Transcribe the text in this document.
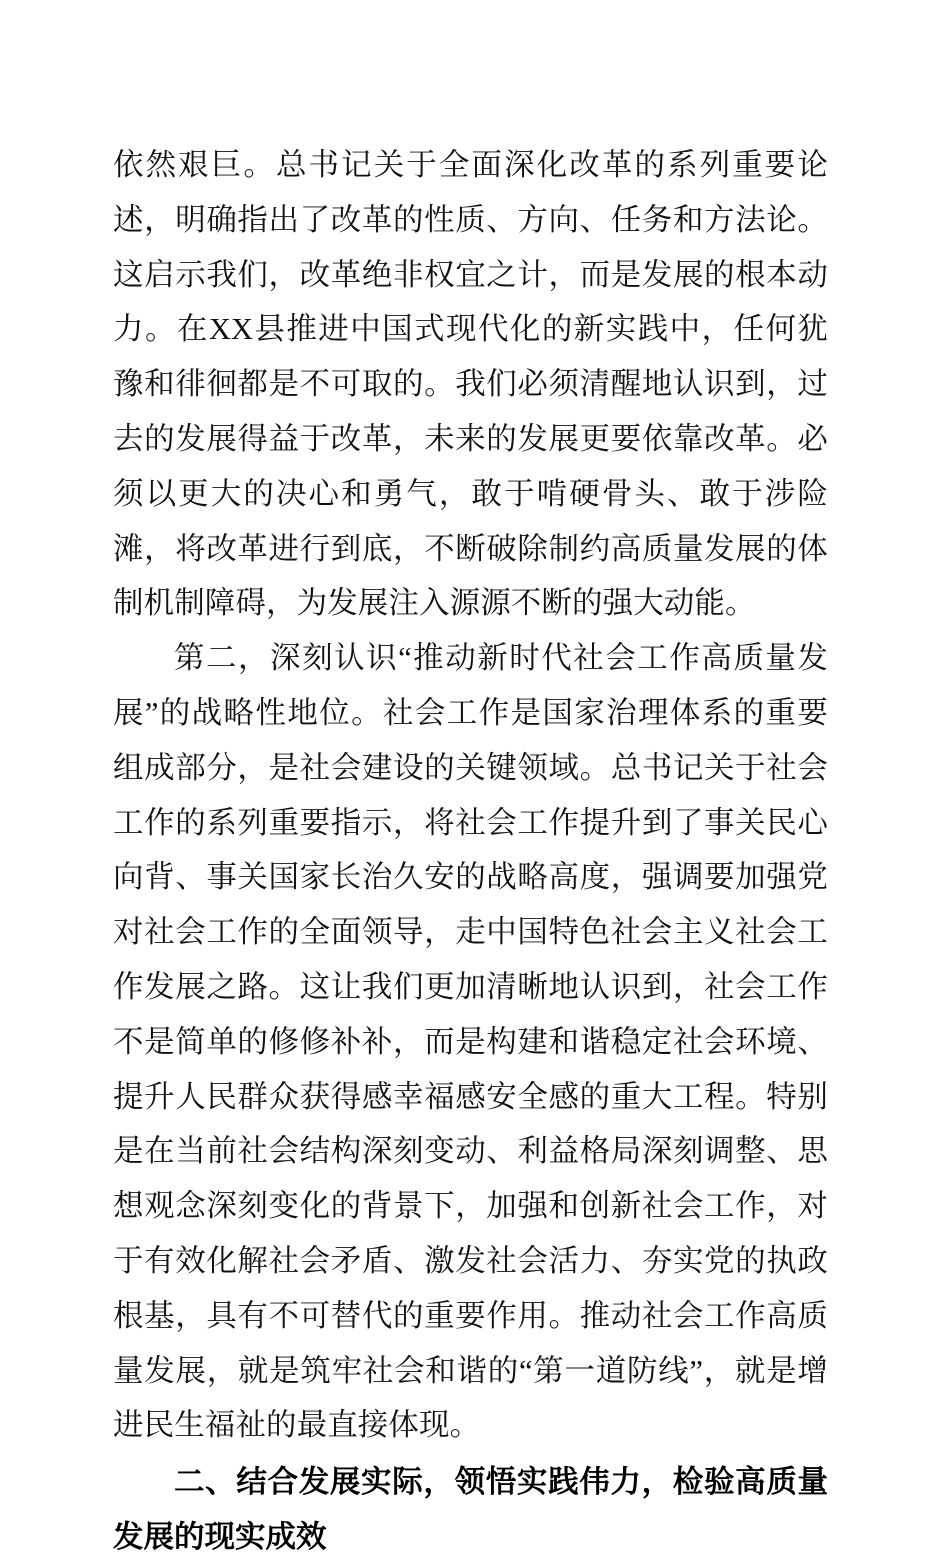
依然艰巨。总书记关于全面深化改革的系列重要论述，明确指出了改革的性质、方向、任务和方法论。这启示我们，改革绝非权宜之计，而是发展的根本动力。在XX县推进中国式现代化的新实践中，任何犹豫和徘徊都是不可取的。我们必须清醒地认识到，过去的发展得益于改革，未来的发展更要依靠改革。必须以更大的决心和勇气，敢于啃硬骨头、敢于涉险滩，将改革进行到底，不断破除制约高质量发展的体制机制障碍，为发展注入源源不断的强大动能。

第二，深刻认识“推动新时代社会工作高质量发展”的战略性地位。社会工作是国家治理体系的重要组成部分，是社会建设的关键领域。总书记关于社会工作的系列重要指示，将社会工作提升到了事关民心向背、事关国家长治久安的战略高度，强调要加强党对社会工作的全面领导，走中国特色社会主义社会工作发展之路。这让我们更加清晰地认识到，社会工作不是简单的修修补补，而是构建和谐稳定社会环境、提升人民群众获得感幸福感安全感的重大工程。特别是在当前社会结构深刻变动、利益格局深刻调整、思想观念深刻变化的背景下，加强和创新社会工作，对于有效化解社会矛盾、激发社会活力、夯实党的执政根基，具有不可替代的重要作用。推动社会工作高质量发展，就是筑牢社会和谐的“第一道防线”，就是增进民生福祉的最直接体现。

二、结合发展实际，领悟实践伟力，检验高质量发展的现实成效
